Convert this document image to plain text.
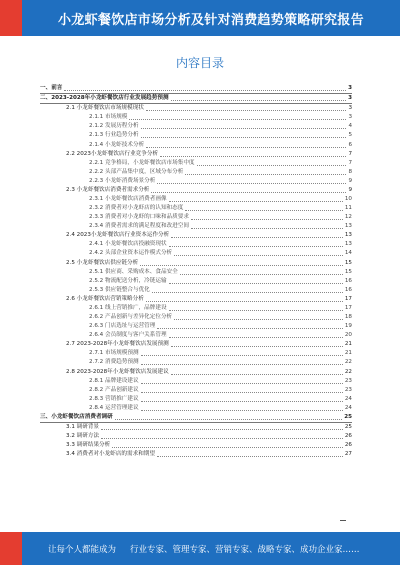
小龙虾餐饮店市场分析及针对消费趋势策略研究报告
内容目录
一、前言	3
二、2023-2028年小龙虾餐饮店行业发展趋势预测	3
2.1 小龙虾餐饮店市场规模现状	3
2.1.1 市场规模	3
2.1.2 发展历程分析	4
2.1.3 行业趋势分析	5
2.1.4 小龙虾技术分析	6
2.2 2023小龙虾餐饮店行业竞争分析	7
2.2.1 竞争格局，小龙虾餐饮店市场集中度	7
2.2.2 头部产品集中度，区域分布分析	8
2.2.3 小龙虾消费场景分析	9
2.3 小龙虾餐饮店消费者需求分析	9
2.3.1 小龙虾餐饮店消费者画像	10
2.3.2 消费者对小龙虾店的认知和态度	11
2.3.3 消费者对小龙虾的口味和品质要求	12
2.3.4 消费者需求的满足程度和改进空间	13
2.4 2023小龙虾餐饮店行业资本运作分析	13
2.4.1 小龙虾餐饮店投融资现状	13
2.4.2 头部企业资本运作模式分析	14
2.5 小龙虾餐饮店供应链分析	15
2.5.1 供应商、采购成本、食品安全	15
2.5.2 物流配送分析，冷链运输	16
2.5.3 供应链整合与优化	16
2.6 小龙虾餐饮店营销策略分析	17
2.6.1 线上营销推广，品牌建设	17
2.6.2 产品创新与差异化定位分析	18
2.6.3 门店选址与运营管理	19
2.6.4 会员制度与客户关系管理	20
2.7 2023-2028年小龙虾餐饮店发展预测	21
2.7.1 市场规模预测	21
2.7.2 消费趋势预测	22
2.8 2023-2028年小龙虾餐饮店发展建议	22
2.8.1 品牌建设建议	23
2.8.2 产品创新建议	23
2.8.3 营销推广建议	24
2.8.4 运营管理建议	24
三、小龙虾餐饮店消费者调研	25
3.1 调研背景	25
3.2 调研方法	26
3.3 调研结果分析	26
3.4 消费者对小龙虾店的需求和期望	27
让每个人都能成为 行业专家、管理专家、营销专家、战略专家、成功企业家……
